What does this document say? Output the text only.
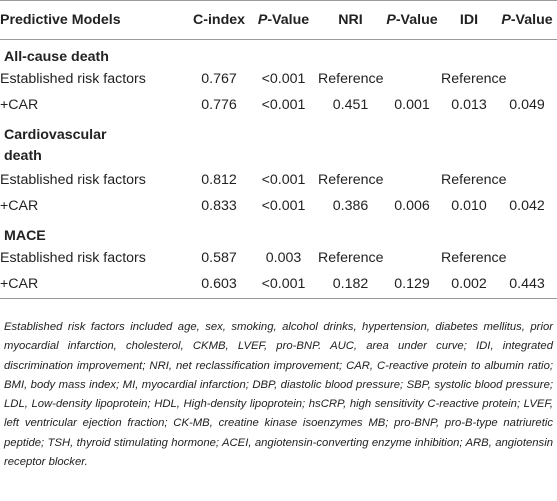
Predictive Models	C-index	P-Value	NRI	P-Value	IDI	P-Value
All-cause death						
Established risk factors	0.767	<0.001	Reference		Reference	
+CAR	0.776	<0.001	0.451	0.001	0.013	0.049
Cardiovascular						
death						
Established risk factors	0.812	<0.001	Reference		Reference	
+CAR	0.833	<0.001	0.386	0.006	0.010	0.042
MACE						
Established risk factors	0.587	0.003	Reference		Reference	
+CAR	0.603	<0.001	0.182	0.129	0.002	0.443

Established risk factors included age, sex, smoking, alcohol drinks, hypertension, diabetes mellitus, prior myocardial infarction, cholesterol, CKMB, LVEF, pro-BNP. AUC, area under curve; IDI, integrated discrimination improvement; NRI, net reclassification improvement; CAR, C-reactive protein to albumin ratio; BMI, body mass index; MI, myocardial infarction; DBP, diastolic blood pressure; SBP, systolic blood pressure; LDL, Low-density lipoprotein; HDL, High-density lipoprotein; hsCRP, high sensitivity C-reactive protein; LVEF, left ventricular ejection fraction; CK-MB, creatine kinase isoenzymes MB; pro-BNP, pro-B-type natriuretic peptide; TSH, thyroid stimulating hormone; ACEI, angiotensin-converting enzyme inhibition; ARB, angiotensin receptor blocker.
